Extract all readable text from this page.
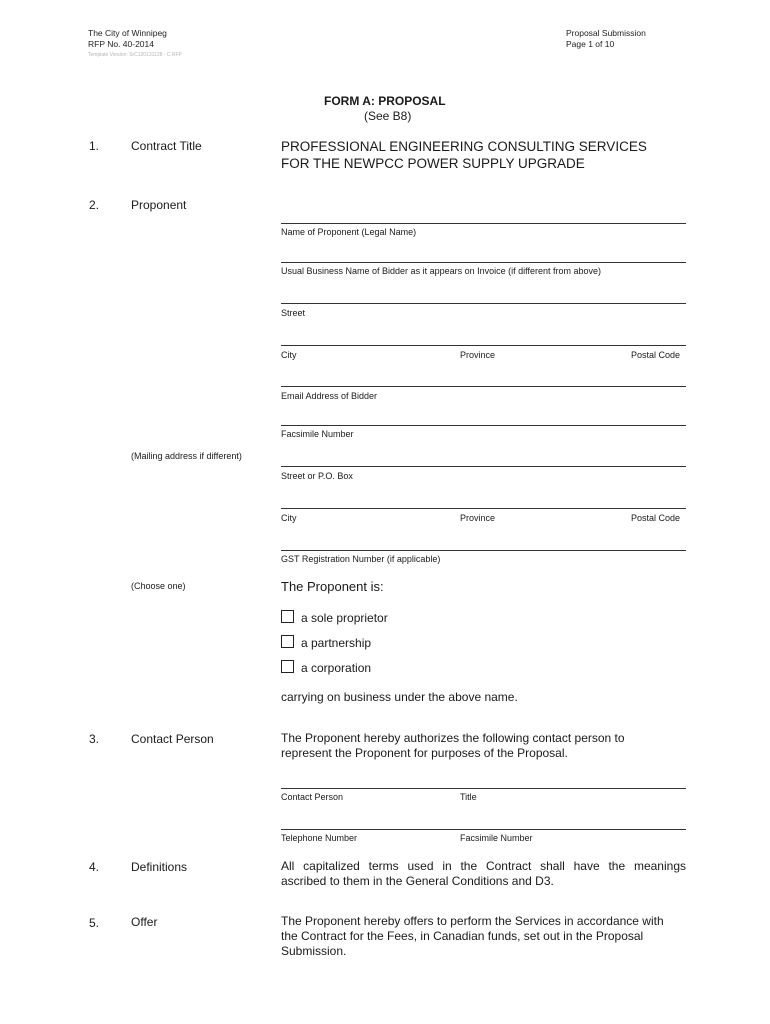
The City of Winnipeg
RFP No. 40-2014
Template Version: SrC120131128 - C RFP
Proposal Submission
Page 1 of 10
FORM A: PROPOSAL
(See B8)
1.	Contract Title	PROFESSIONAL ENGINEERING CONSULTING SERVICES
FOR THE NEWPCC POWER SUPPLY UPGRADE
2.	Proponent
Name of Proponent (Legal Name)
Usual Business Name of Bidder as it appears on Invoice (if different from above)
Street
City	Province	Postal Code
Email Address of Bidder
Facsimile Number
(Mailing address if different)
Street or P.O. Box
City	Province	Postal Code
GST Registration Number (if applicable)
(Choose one)	The Proponent is:
a sole proprietor
a partnership
a corporation
carrying on business under the above name.
3.	Contact Person	The Proponent hereby authorizes the following contact person to
represent the Proponent for purposes of the Proposal.
Contact Person	Title
Telephone Number	Facsimile Number
4.	Definitions	All capitalized terms used in the Contract shall have the meanings
ascribed to them in the General Conditions and D3.
5.	Offer	The Proponent hereby offers to perform the Services in accordance with
the Contract for the Fees, in Canadian funds, set out in the Proposal
Submission.
